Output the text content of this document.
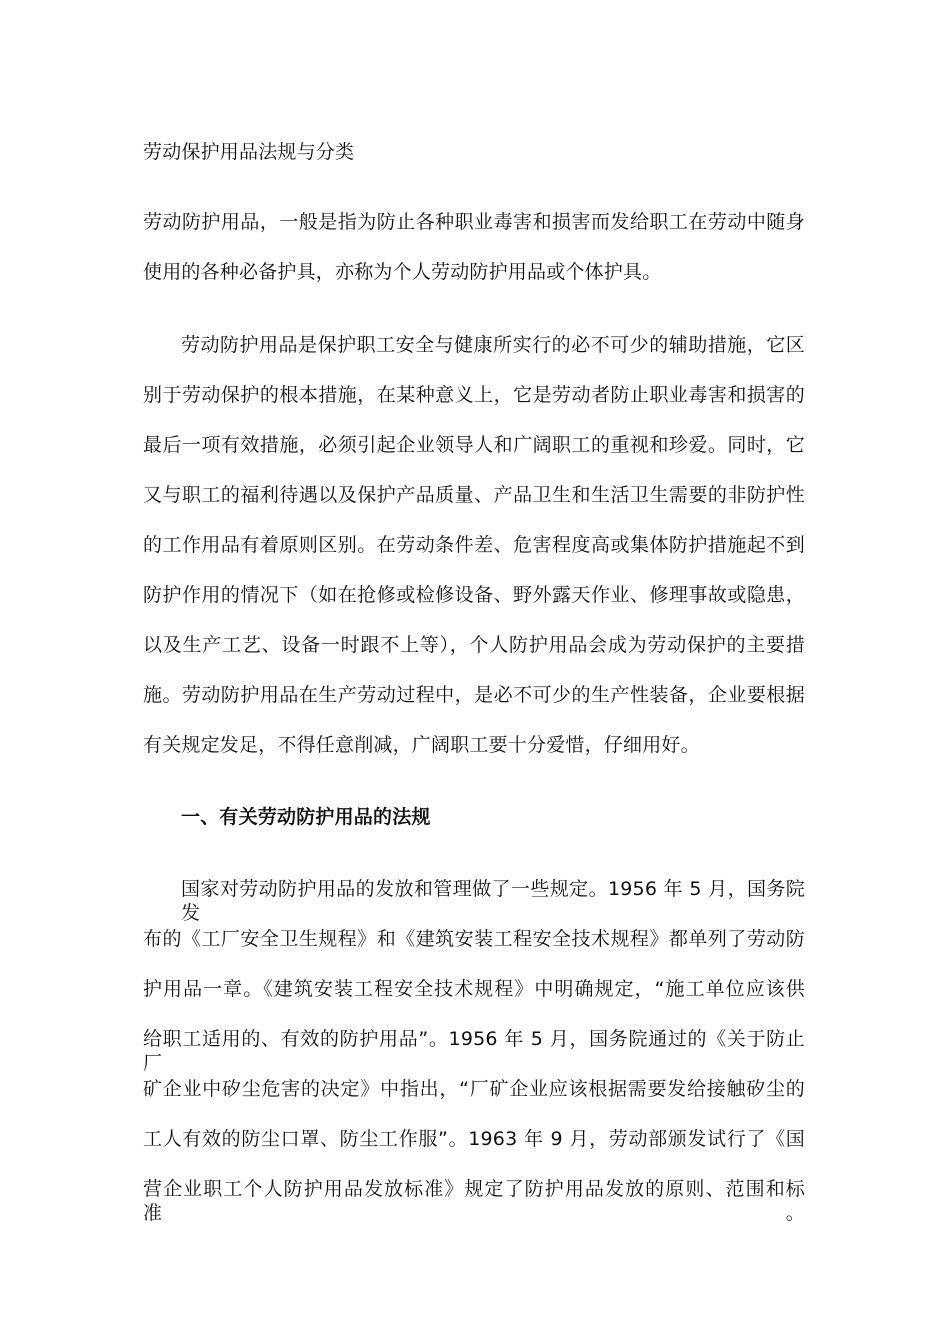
劳动保护用品法规与分类
劳动防护用品，一般是指为防止各种职业毒害和损害而发给职工在劳动中随身
使用的各种必备护具，亦称为个人劳动防护用品或个体护具。
劳动防护用品是保护职工安全与健康所实行的必不可少的辅助措施，它区
别于劳动保护的根本措施，在某种意义上，它是劳动者防止职业毒害和损害的
最后一项有效措施，必须引起企业领导人和广阔职工的重视和珍爱。同时，它
又与职工的福利待遇以及保护产品质量、产品卫生和生活卫生需要的非防护性
的工作用品有着原则区别。在劳动条件差、危害程度高或集体防护措施起不到
防护作用的情况下（如在抢修或检修设备、野外露天作业、修理事故或隐患，
以及生产工艺、设备一时跟不上等），个人防护用品会成为劳动保护的主要措
施。劳动防护用品在生产劳动过程中，是必不可少的生产性装备，企业要根据
有关规定发足，不得任意削减，广阔职工要十分爱惜，仔细用好。
一、有关劳动防护用品的法规
国家对劳动防护用品的发放和管理做了一些规定。1956 年 5 月，国务院发
布的《工厂安全卫生规程》和《建筑安装工程安全技术规程》都单列了劳动防
护用品一章。《建筑安装工程安全技术规程》中明确规定，“施工单位应该供
给职工适用的、有效的防护用品”。1956 年 5 月，国务院通过的《关于防止厂
矿企业中矽尘危害的决定》中指出，“厂矿企业应该根据需要发给接触矽尘的
工人有效的防尘口罩、防尘工作服”。1963 年 9 月，劳动部颁发试行了《国
营企业职工个人防护用品发放标准》规定了防护用品发放的原则、范围和标准。
